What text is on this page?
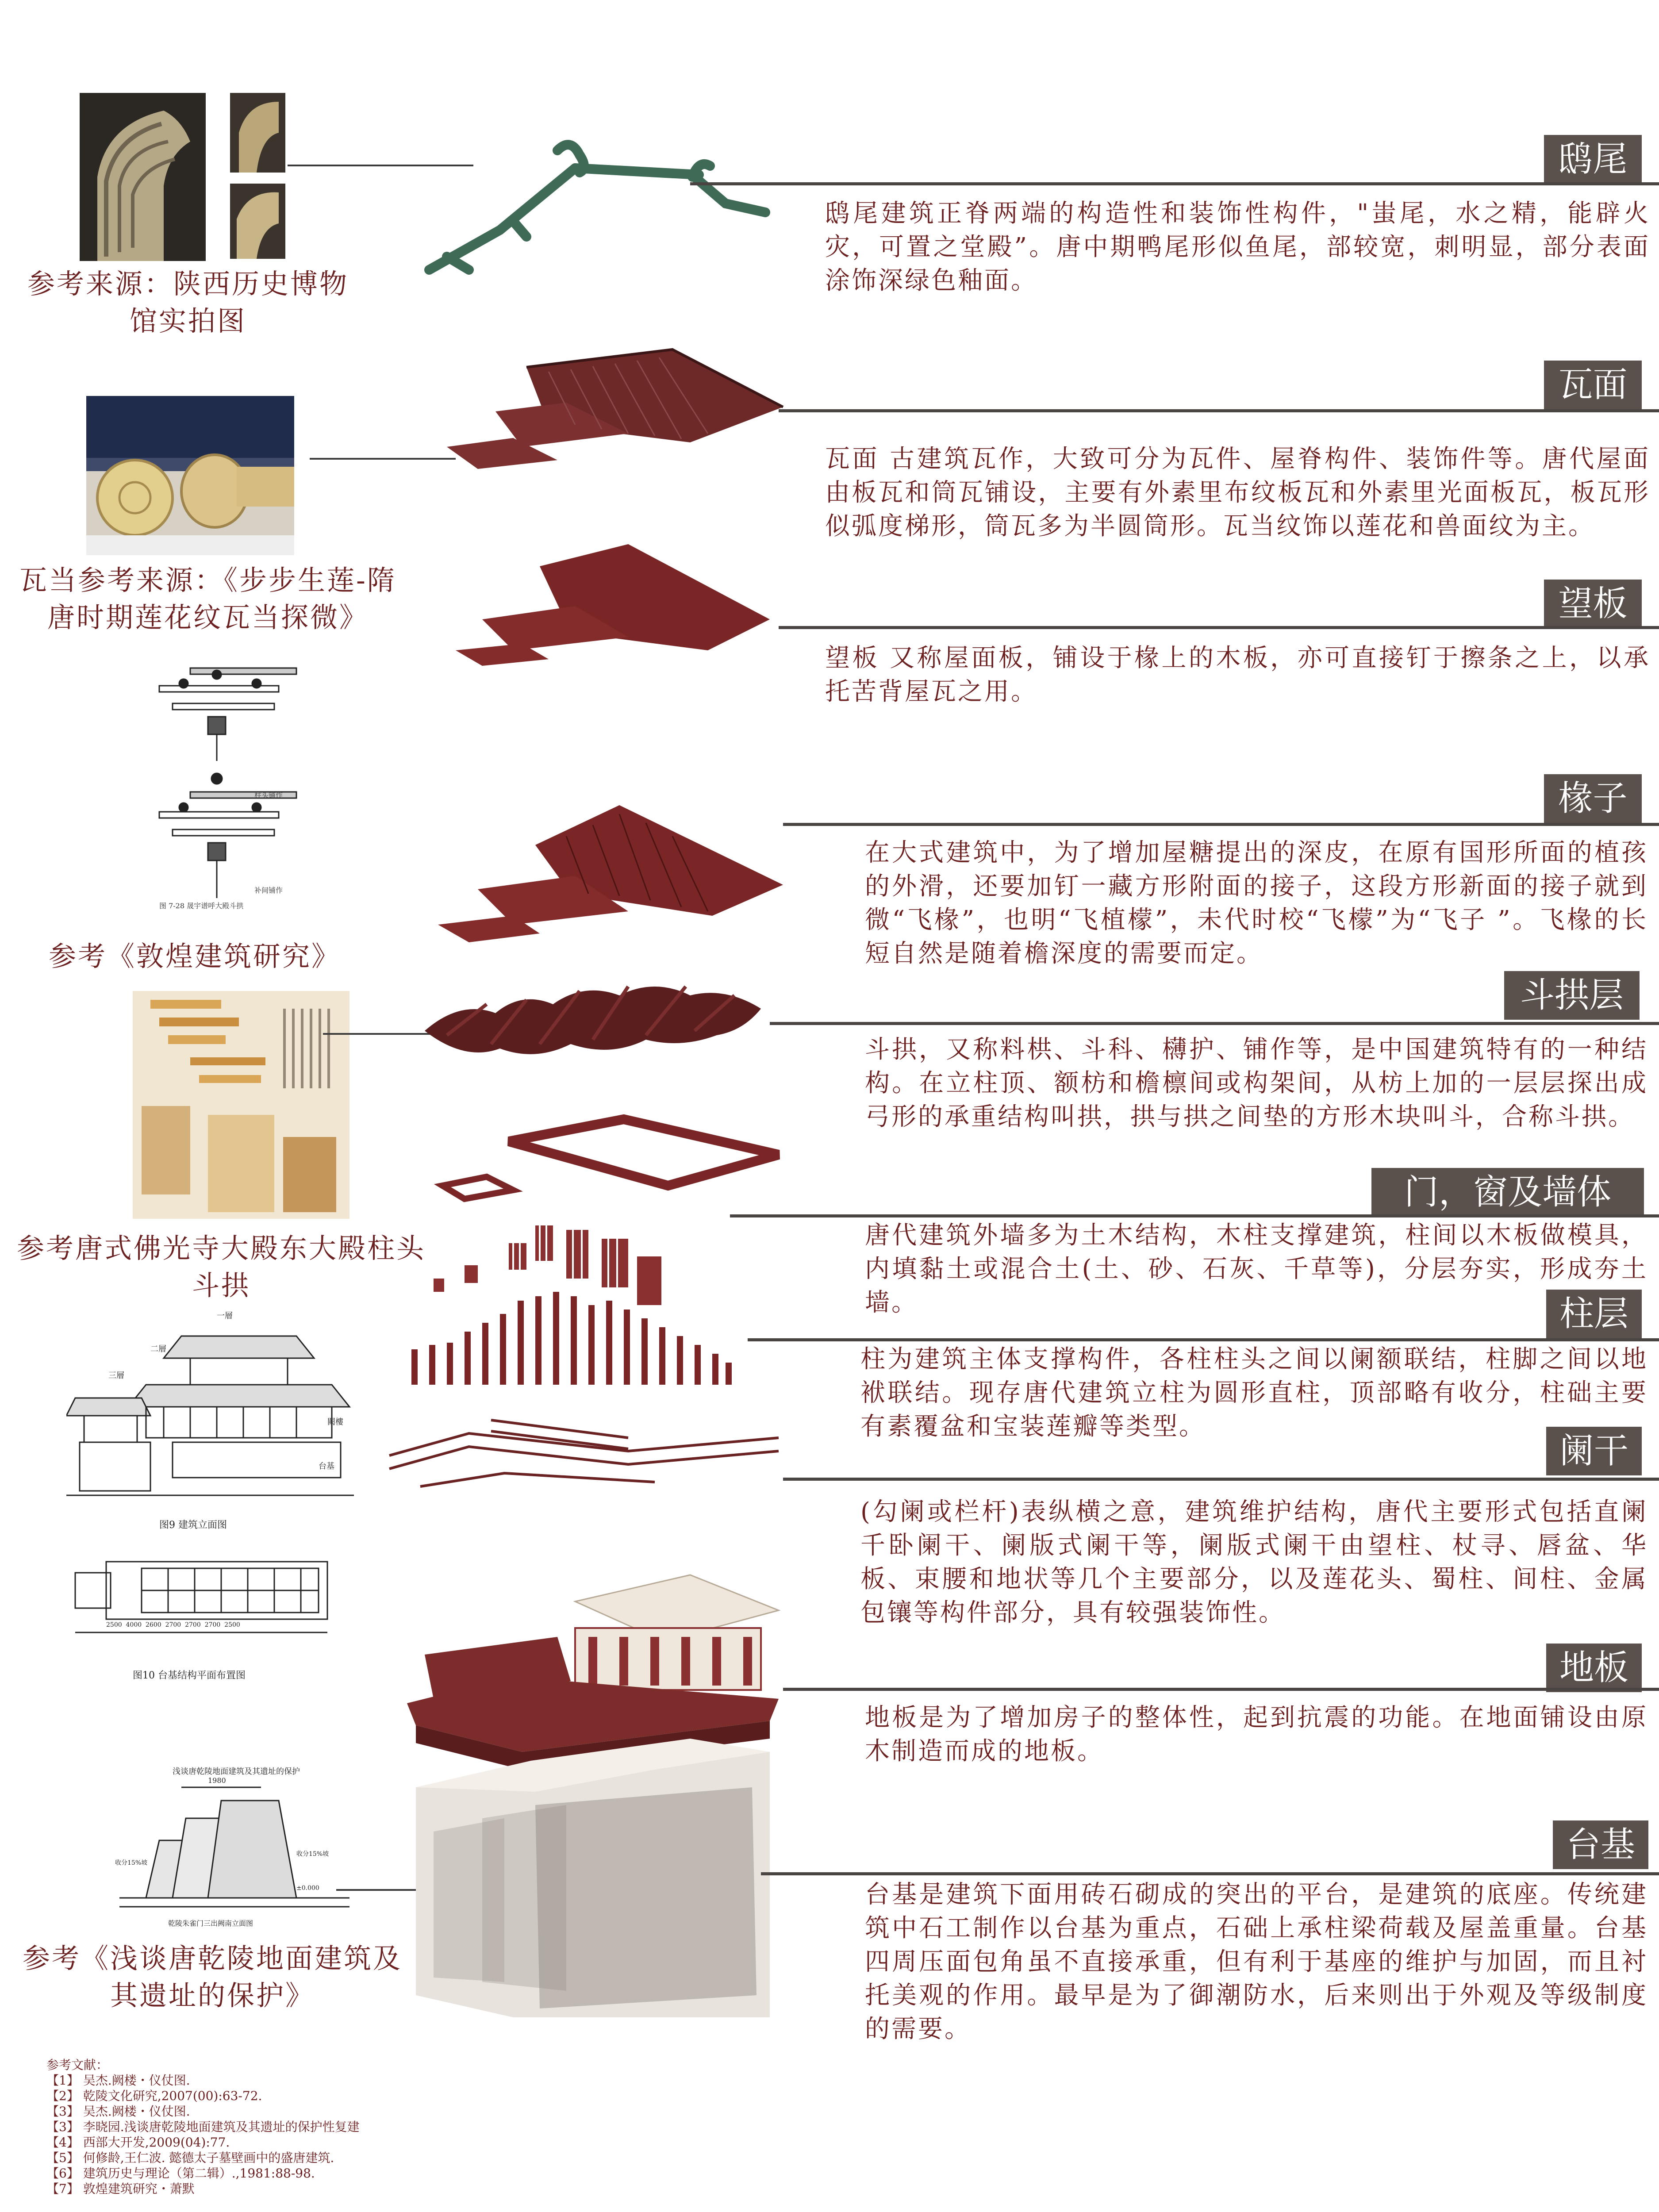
参考来源：陕西历史博物馆实拍图
瓦当参考来源：《步步生莲-隋唐时期莲花纹瓦当探微》
柱头铺作
补间铺作
图 7-28 晟宇谱呼大殿斗拱
参考《敦煌建筑研究》
参考唐式佛光寺大殿东大殿柱头斗拱
一層
二層
三層
闕樓
台基
图9 建筑立面图
2500  4000  2600  2700  2700  2700  2500
图10 台基结构平面布置图
浅谈唐乾陵地面建筑及其遗址的保护
1980
收分15%坡
收分15%坡
±0.000
乾陵朱雀门三出阙南立面图
参考《浅谈唐乾陵地面建筑及其遗址的保护》
鸱尾
鸱尾建筑正脊两端的构造性和装饰性构件，"蚩尾，水之精，能辟火灾，可置之堂殿”。唐中期鸭尾形似鱼尾，部较宽，刺明显，部分表面涂饰深绿色釉面。
瓦面
瓦面 古建筑瓦作，大致可分为瓦件、屋脊构件、装饰件等。唐代屋面由板瓦和筒瓦铺设，主要有外素里布纹板瓦和外素里光面板瓦，板瓦形似弧度梯形，筒瓦多为半圆筒形。瓦当纹饰以莲花和兽面纹为主。
望板
望板 又称屋面板，铺设于椽上的木板，亦可直接钉于擦条之上，以承托苦背屋瓦之用。
椽子
在大式建筑中，为了增加屋糖提出的深皮，在原有国形所面的植孩的外滑，还要加钉一藏方形附面的接子，这段方形新面的接子就到微“飞椽”，也明“飞植檬”，未代时校“飞檬”为“飞子 ”。飞椽的长短自然是随着檐深度的需要而定。
斗拱层
斗拱，又称料栱、斗科、欂护、铺作等，是中国建筑特有的一种结构。在立柱顶、额枋和檐檩间或构架间，从枋上加的一层层探出成弓形的承重结构叫拱，拱与拱之间垫的方形木块叫斗，合称斗拱。
门，窗及墙体
唐代建筑外墙多为土木结构，木柱支撑建筑，柱间以木板做模具，内填黏土或混合土(土、砂、石灰、千草等)，分层夯实，形成夯土墙。	柱层
柱为建筑主体支撑构件，各柱柱头之间以阑额联结，柱脚之间以地袱联结。现存唐代建筑立柱为圆形直柱，顶部略有收分，柱础主要有素覆盆和宝装莲瓣等类型。
阑干
(勾阑或栏杆)表纵横之意，建筑维护结构，唐代主要形式包括直阑千卧阑干、阑版式阑干等，阑版式阑干由望柱、杖寻、唇盆、华板、束腰和地状等几个主要部分，以及莲花头、蜀柱、间柱、金属包镶等构件部分，具有较强装饰性。
地板
地板是为了增加房子的整体性，起到抗震的功能。在地面铺设由原木制造而成的地板。
台基
台基是建筑下面用砖石砌成的突出的平台，是建筑的底座。传统建筑中石工制作以台基为重点，石础上承柱梁荷载及屋盖重量。台基四周压面包角虽不直接承重，但有利于基座的维护与加固，而且衬托美观的作用。最早是为了御潮防水，后来则出于外观及等级制度的需要。
参考文献：
【1】 吴杰.阙楼・仪仗图.
【2】 乾陵文化研究,2007(00):63-72.
【3】 吴杰.阙楼・仪仗图.
【3】 李晓园.浅谈唐乾陵地面建筑及其遗址的保护性复建
【4】 西部大开发,2009(04):77.
【5】 何修龄,王仁波. 懿德太子墓壁画中的盛唐建筑.
【6】 建筑历史与理论（第二辑）.,1981:88-98.
【7】 敦煌建筑研究・萧默
